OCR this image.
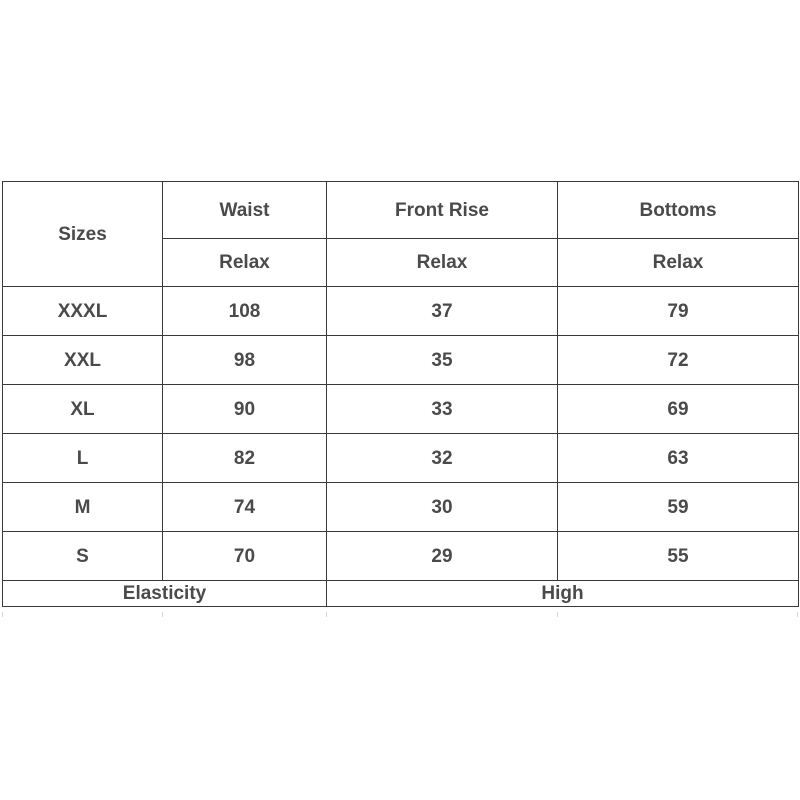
Sizes	Waist	Front Rise	Bottoms
	Relax	Relax	Relax
XXXL	108	37	79
XXL	98	35	72
XL	90	33	69
L	82	32	63
M	74	30	59
S	70	29	55
Elasticity		High	
